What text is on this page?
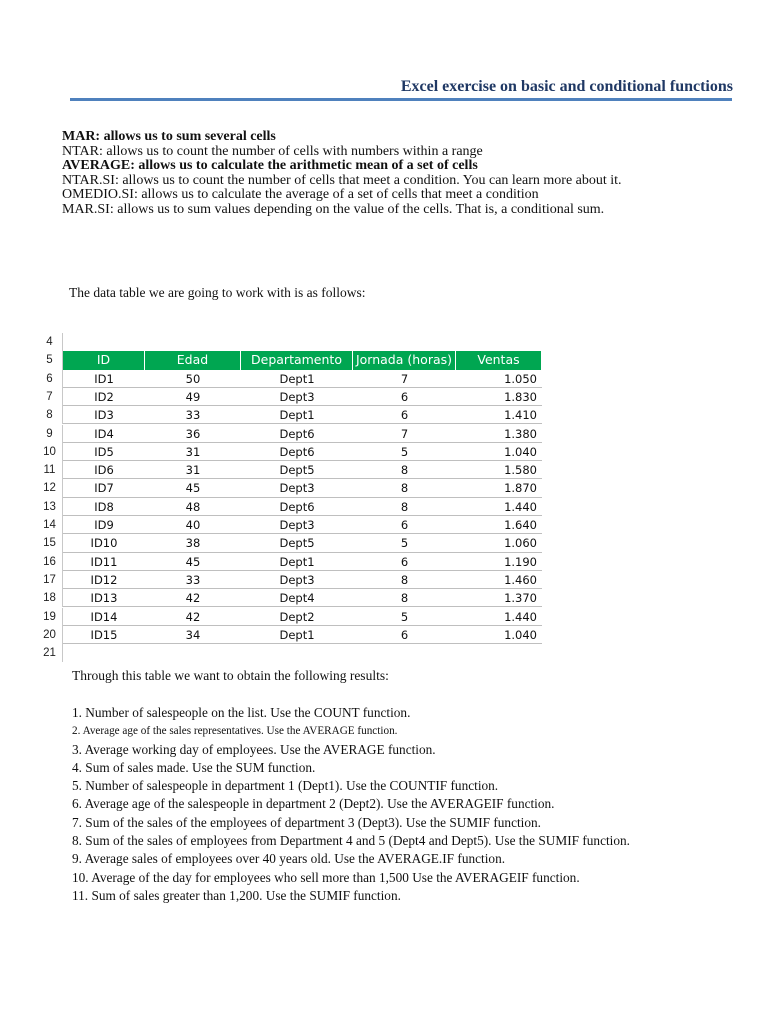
Excel exercise on basic and conditional functions
MAR: allows us to sum several cells
NTAR: allows us to count the number of cells with numbers within a range
AVERAGE: allows us to calculate the arithmetic mean of a set of cells
NTAR.SI: allows us to count the number of cells that meet a condition. You can learn more about it.
OMEDIO.SI: allows us to calculate the average of a set of cells that meet a condition
MAR.SI: allows us to sum values depending on the value of the cells. That is, a conditional sum.
The data table we are going to work with is as follows:
4
5	ID	Edad	Departamento	Jornada (horas)	Ventas
6	ID1	50	Dept1	7	1.050
7	ID2	49	Dept3	6	1.830
8	ID3	33	Dept1	6	1.410
9	ID4	36	Dept6	7	1.380
10	ID5	31	Dept6	5	1.040
11	ID6	31	Dept5	8	1.580
12	ID7	45	Dept3	8	1.870
13	ID8	48	Dept6	8	1.440
14	ID9	40	Dept3	6	1.640
15	ID10	38	Dept5	5	1.060
16	ID11	45	Dept1	6	1.190
17	ID12	33	Dept3	8	1.460
18	ID13	42	Dept4	8	1.370
19	ID14	42	Dept2	5	1.440
20	ID15	34	Dept1	6	1.040
21
Through this table we want to obtain the following results:
1. Number of salespeople on the list. Use the COUNT function.
2. Average age of the sales representatives. Use the AVERAGE function.
3. Average working day of employees. Use the AVERAGE function.
4. Sum of sales made. Use the SUM function.
5. Number of salespeople in department 1 (Dept1). Use the COUNTIF function.
6. Average age of the salespeople in department 2 (Dept2). Use the AVERAGEIF function.
7. Sum of the sales of the employees of department 3 (Dept3). Use the SUMIF function.
8. Sum of the sales of employees from Department 4 and 5 (Dept4 and Dept5). Use the SUMIF function.
9. Average sales of employees over 40 years old. Use the AVERAGE.IF function.
10. Average of the day for employees who sell more than 1,500 Use the AVERAGEIF function.
11. Sum of sales greater than 1,200. Use the SUMIF function.
